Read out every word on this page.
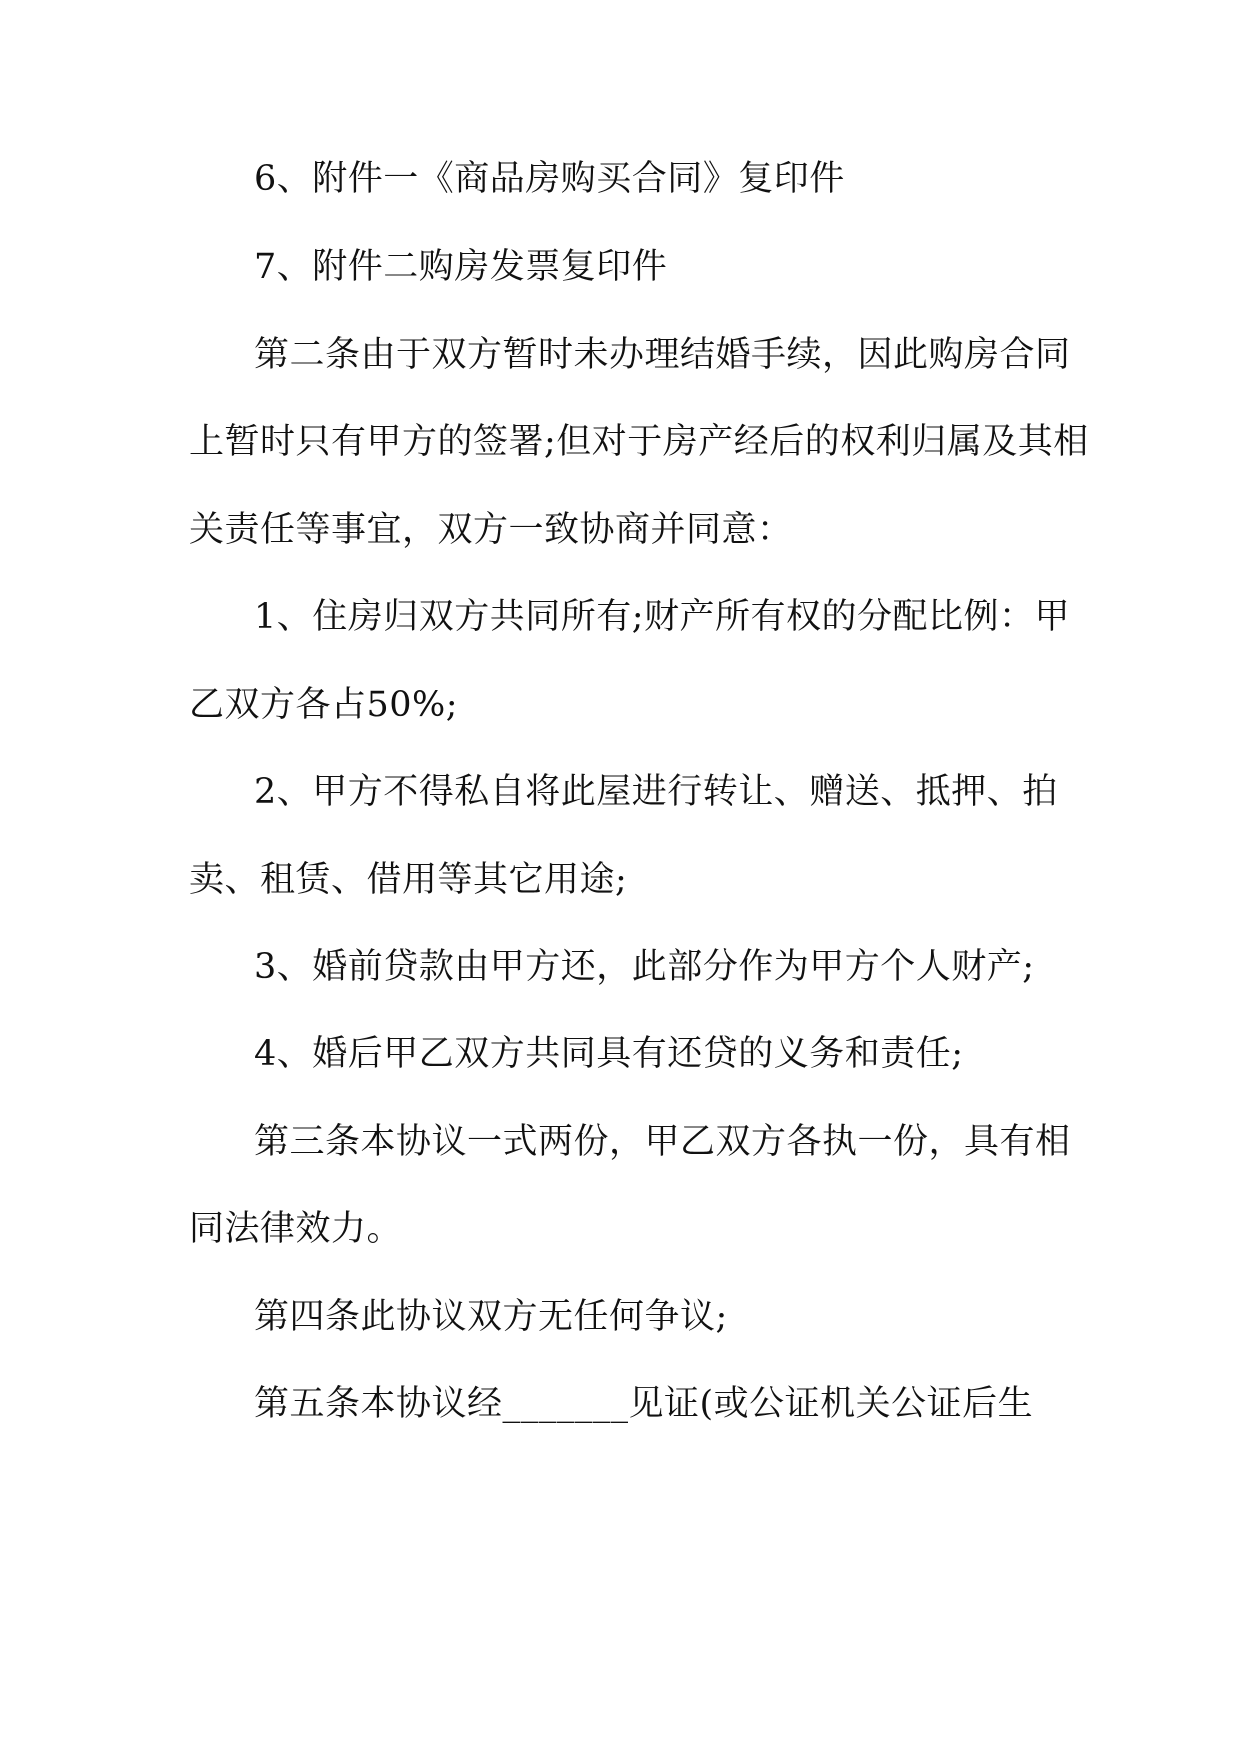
6、附件一《商品房购买合同》复印件
7、附件二购房发票复印件
第二条由于双方暂时未办理结婚手续，因此购房合同
上暂时只有甲方的签署;但对于房产经后的权利归属及其相
关责任等事宜，双方一致协商并同意：
1、住房归双方共同所有;财产所有权的分配比例：甲
乙双方各占50%;
2、甲方不得私自将此屋进行转让、赠送、抵押、拍
卖、租赁、借用等其它用途;
3、婚前贷款由甲方还，此部分作为甲方个人财产;
4、婚后甲乙双方共同具有还贷的义务和责任;
第三条本协议一式两份，甲乙双方各执一份，具有相
同法律效力。
第四条此协议双方无任何争议;
第五条本协议经_______见证(或公证机关公证后生
